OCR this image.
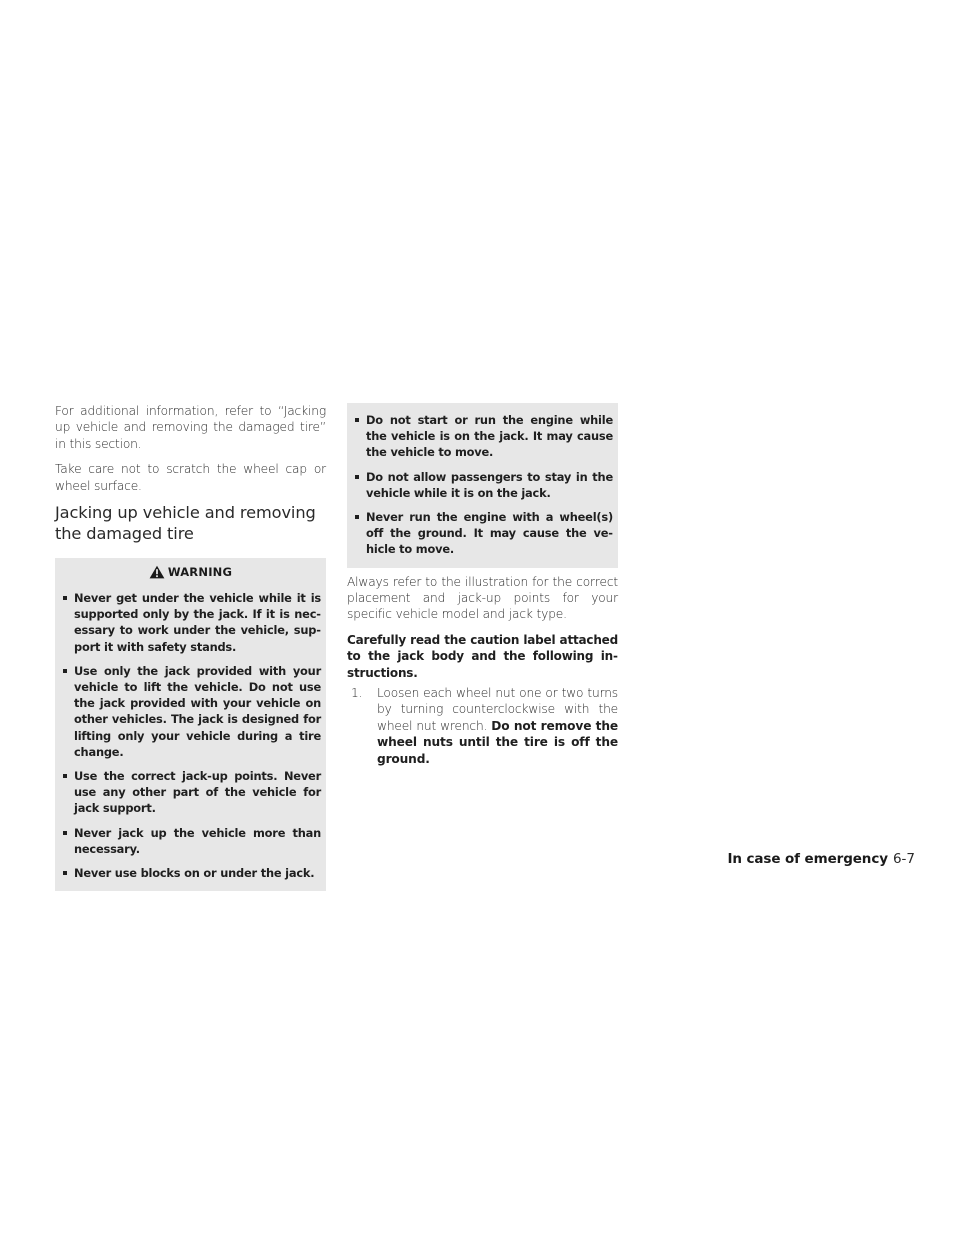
For additional information, refer to “Jacking up vehicle and removing the damaged tire” in this section.

Take care not to scratch the wheel cap or wheel surface.

Jacking up vehicle and removing the damaged tire
WARNING
Never get under the vehicle while it is supported only by the jack. If it is necessary to work under the vehicle, support it with safety stands.
Use only the jack provided with your vehicle to lift the vehicle. Do not use the jack provided with your vehicle on other vehicles. The jack is designed for lifting only your vehicle during a tire change.
Use the correct jack-up points. Never use any other part of the vehicle for jack support.
Never jack up the vehicle more than necessary.
Never use blocks on or under the jack.
Do not start or run the engine while the vehicle is on the jack. It may cause the vehicle to move.
Do not allow passengers to stay in the vehicle while it is on the jack.
Never run the engine with a wheel(s) off the ground. It may cause the vehicle to move.

Always refer to the illustration for the correct placement and jack-up points for your specific vehicle model and jack type.

Carefully read the caution label attached to the jack body and the following instructions.

1. Loosen each wheel nut one or two turns by turning counterclockwise with the wheel nut wrench. Do not remove the wheel nuts until the tire is off the ground.
In case of emergency 6-7
